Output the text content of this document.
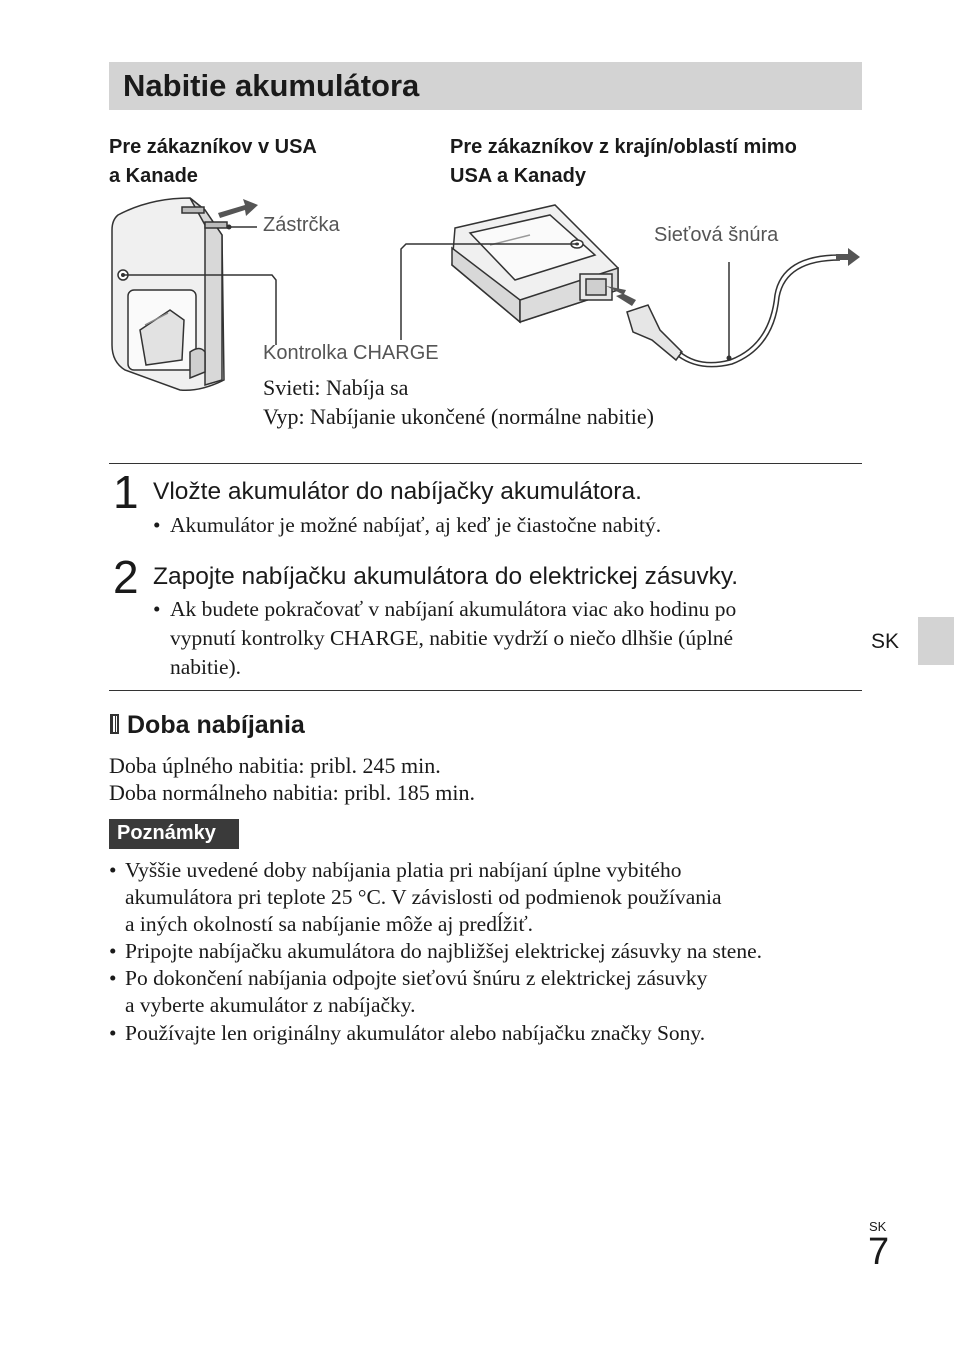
Nabitie akumulátora
Pre zákazníkov v USA
a Kanade
Pre zákazníkov z krajín/oblastí mimo
USA a Kanady
Zástrčka	Sieťová šnúra
Kontrolka CHARGE
Svieti: Nabíja sa
Vyp: Nabíjanie ukončené (normálne nabitie)
1 Vložte akumulátor do nabíjačky akumulátora.
• Akumulátor je možné nabíjať, aj keď je čiastočne nabitý.
2 Zapojte nabíjačku akumulátora do elektrickej zásuvky.
• Ak budete pokračovať v nabíjaní akumulátora viac ako hodinu po
vypnutí kontrolky CHARGE, nabitie vydrží o niečo dlhšie (úplné
nabitie).
Doba nabíjania
Doba úplného nabitia: pribl. 245 min.
Doba normálneho nabitia: pribl. 185 min.
Poznámky
• Vyššie uvedené doby nabíjania platia pri nabíjaní úplne vybitého
akumulátora pri teplote 25 °C. V závislosti od podmienok používania
a iných okolností sa nabíjanie môže aj predĺžiť.
• Pripojte nabíjačku akumulátora do najbližšej elektrickej zásuvky na stene.
• Po dokončení nabíjania odpojte sieťovú šnúru z elektrickej zásuvky
a vyberte akumulátor z nabíjačky.
• Používajte len originálny akumulátor alebo nabíjačku značky Sony.
SK
SK
7
